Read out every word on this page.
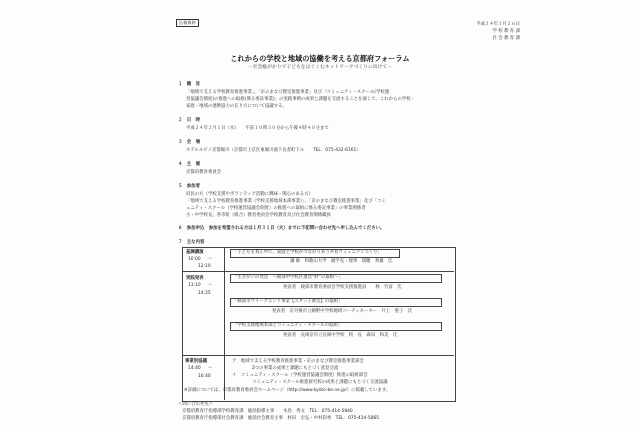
広報資料	平成２４年１月２６日
学 校 教 育 課
社 会 教 育 課
これからの学校と地域の協働を考える京都府フォーラム
－社会総がかりで子どもをはぐくむネットワークづくりに向けて－
１　趣　旨
「地域で支える学校教育推進事業」、「京のまなび教室推進事業」及び「コミュニティ・スクール(学校運
営協議会制度)の推進への取組(係る委託事業)」の実践事例の成果と課題を交流することを通して、これからの学校・
家庭・地域の連携協力の在り方について協議する。
２　日　時
平成２４年２月１日（水）　　午前１０時３０分から午後４時４０分まで
３　会　場
ホテルルビノ京都堀川（京都市上京区東堀川通下長者町下ル　　TEL：075-432-6161）
４　主　催
京都府教育委員会
５　参加者
府民の方（学校支援やボランティア活動に興味・関心のある方）
「地域で支える学校教育推進事業（学校支援地域本部事業）」、「京のまなび教室推進事業」及び「コミ
ュニティ・スクール（学校運営協議会制度）の推進への取組に係る委託事業」の事業関係者
小・中学校長、各市町（組合）教育委員会学校教育及び社会教育関係職員
６　参加申込　参加を希望される方は１月３１日（火）までに下記問い合わせ先へ申し込んでください。
７　主な内容
基調講演
10:00 ～
12:10
「子どもを真ん中に、家庭と学校がつながりあう共育コミュニティづくり」
講 師　和歌山大学　副学長・理事　瑞穂　秀雄　氏
実践発表
13:10 ～
14:25
「生きがいの発見　～綾部中学校区運営“絆”の取組～」
発表者　綾部市教育委員会学校支援推進員　　林　竹彦　氏
「綾部市ウイークエンド事業【ユタっ子教室】の取組」
発表者　京丹後市立網野中学校地域コーディネーター　升上　聖子　氏
「学校支援地域本部とコミュニティ・スクールの取組」
発表者　長岡京市立長岡中学校　校　長　森田　和美　氏
事業別協議
14:40 ～
16:40
ア　地域で支える学校教育推進事業・京のまなび教室推進事業部会
2つの事業の成果と課題にもとづく意見交流
イ　コミュニティ・スクール（学校運営協議会制度）推進の取組部会
コミュニティ・スクール推進研究校の成果と課題にもとづく交流協議
※詳細については、京都府教育委員会ホームページ（http://www.kyoto-be.ne.jp/）に掲載しています。
＜問い合わせ先＞
京都府教育庁指導部学校教育課　総括指導主事　　木島　秀文　TEL：075-414-5840
京都府教育庁指導部社会教育課　総括社会教育主事　村田　宏弘・中村彩香　TEL：075-414-5865
